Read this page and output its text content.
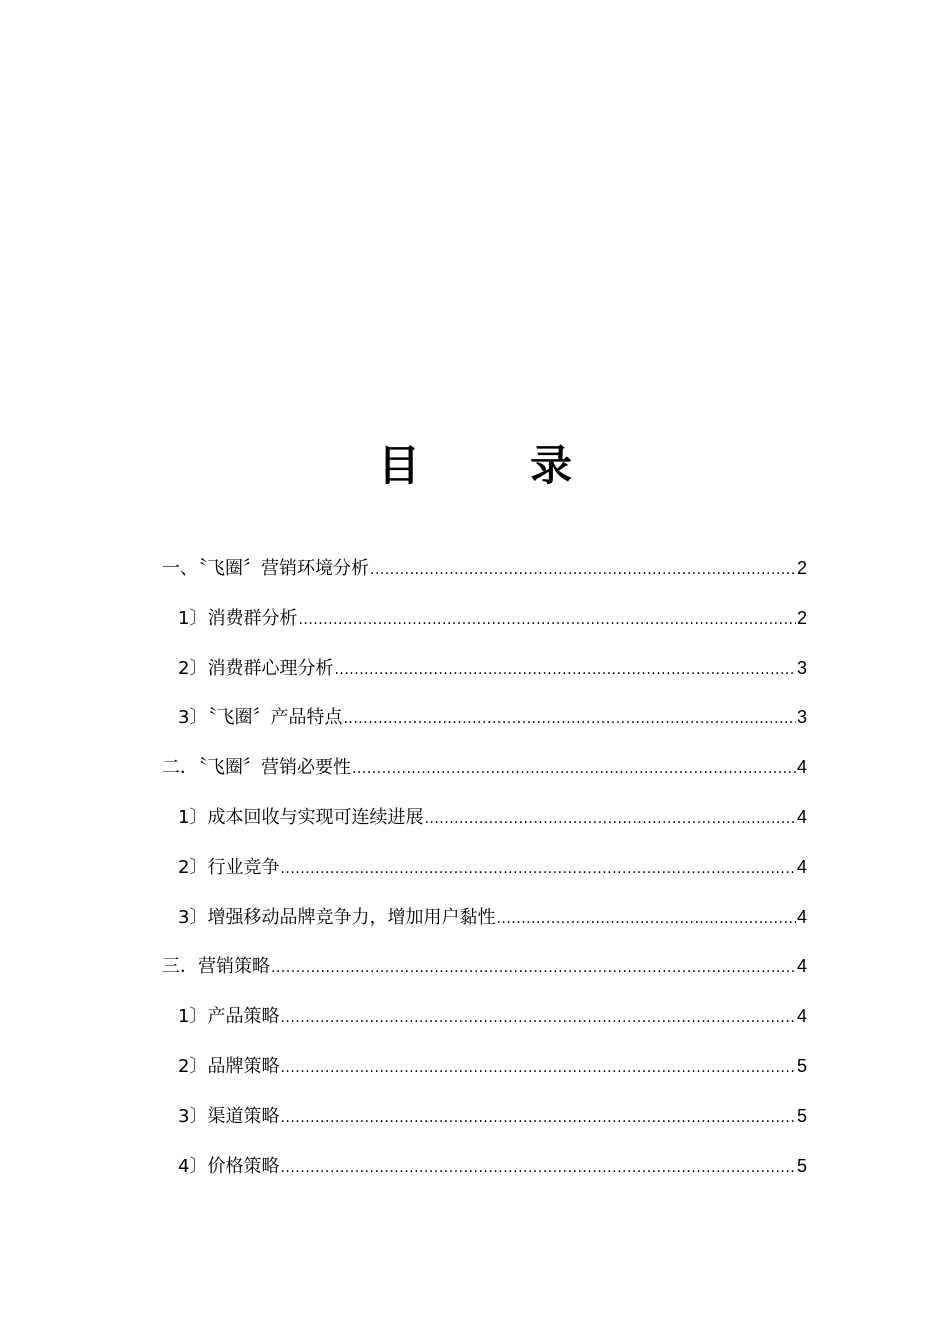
目　录
一、〝飞圈〞营销环境分析 .....	2
1〕消费群分析 .....	2
2〕消费群心理分析 .....	3
3〕〝飞圈〞产品特点 .....	3
二．〝飞圈〞营销必要性 .....	4
1〕成本回收与实现可连续进展 .....	4
2〕行业竞争 .....	4
3〕增强移动品牌竞争力，增加用户黏性 .....	4
三．营销策略 .....	4
1〕产品策略 .....	4
2〕品牌策略 .....	5
3〕渠道策略 .....	5
4〕价格策略 .....	5
